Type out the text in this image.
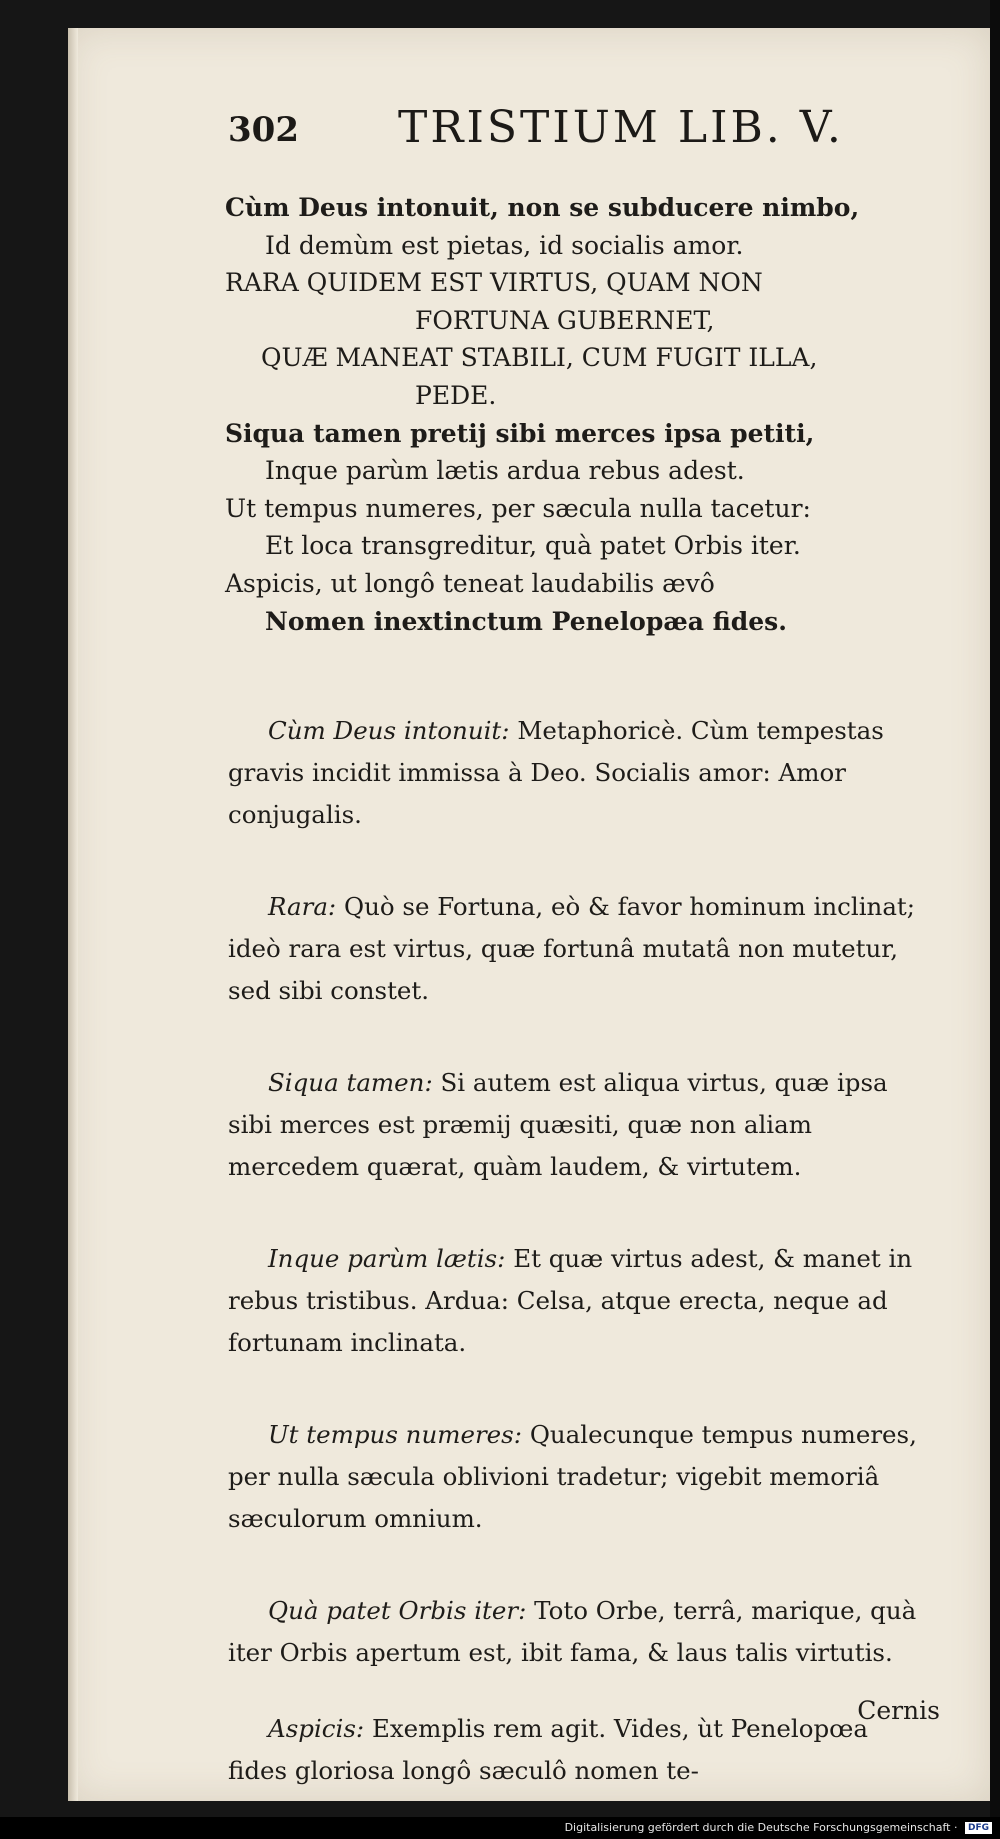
302 TRISTIUM LIB. V.
Cùm Deus intonuit, non se subducere nimbo,
Id demùm est pietas, id socialis amor.
RARA QUIDEM EST VIRTUS, QUAM NON
FORTUNA GUBERNET,
QUÆ MANEAT STABILI, CUM FUGIT ILLA,
PEDE.
Siqua tamen pretij sibi merces ipsa petiti,
Inque parùm lætis ardua rebus adest.
Ut tempus numeres, per sæcula nulla tacetur:
Et loca transgreditur, quà patet Orbis iter.
Aspicis, ut longô teneat laudabilis ævô
Nomen inextinctum Penelopæa fides.

Cùm Deus intonuit: Metaphoricè. Cùm tempestas gravis incidit immissa à Deo. Socialis amor: Amor conjugalis.

Rara: Quò se Fortuna, eò & favor hominum inclinat; ideò rara est virtus, quæ fortunâ mutatâ non mutetur, sed sibi constet.

Siqua tamen: Si autem est aliqua virtus, quæ ipsa sibi merces est præmij quæsiti, quæ non aliam mercedem quærat, quàm laudem, & virtutem.

Inque parùm lætis: Et quæ virtus adest, & manet in rebus tristibus. Ardua: Celsa, atque erecta, neque ad fortunam inclinata.

Ut tempus numeres: Qualecunque tempus numeres, per nulla sæcula oblivioni tradetur; vigebit memoriâ sæculorum omnium.

Quà patet Orbis iter: Toto Orbe, terrâ, marique, quà iter Orbis apertum est, ibit fama, & laus talis virtutis.

Aspicis: Exemplis rem agit. Vides, ùt Penelopœa fides gloriosa longô sæculô nomen te-

Cernis
Digitalisierung gefördert durch die Deutsche Forschungsgemeinschaft · DFG
